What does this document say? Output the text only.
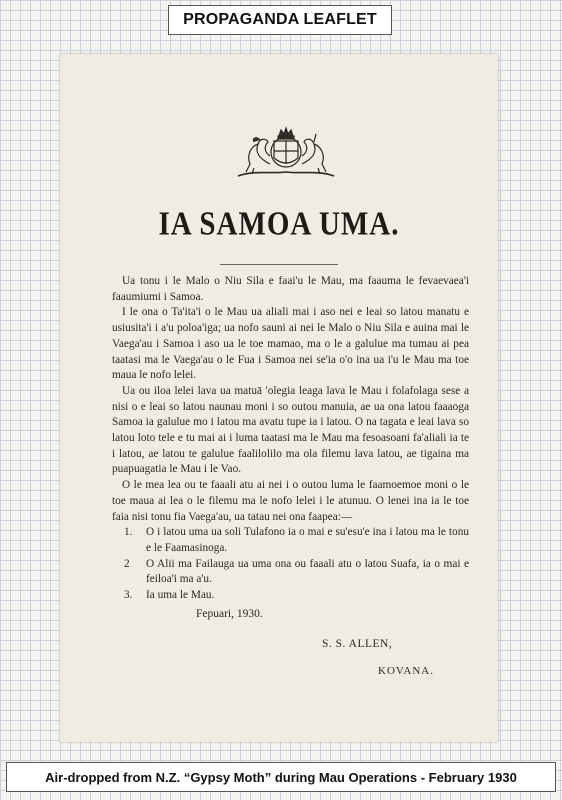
PROPAGANDA LEAFLET
IA SAMOA UMA.

Ua tonu i le Malo o Niu Sila e faai'u le Mau, ma faauma le fevaevaea'i faaumiumi i Samoa.

I le ona o Ta'ita'i o le Mau ua aliali mai i aso nei e leai so latou manatu e usiusita'i i a'u poloa'iga; ua nofo sauni ai nei le Malo o Niu Sila e auina mai le Vaega'au i Samoa i aso ua le toe mamao, ma o le a galulue ma tumau ai pea taatasi ma le Vaega'au o le Fua i Samoa nei se'ia o'o ina ua i'u le Mau ma toe maua le nofo lelei.

Ua ou iloa lelei lava ua matuā 'olegia leaga lava le Mau i folafolaga sese a nisi o e leai so latou naunau moni i so outou manuia, ae ua ona latou faaaoga Samoa ia galulue mo i latou ma avatu tupe ia i latou. O na tagata e leai lava so latou loto tele e tu mai ai i luma taatasi ma le Mau ma fesoasoani fa'aliali ia te i latou, ae latou te galulue faalilolilo ma ola filemu lava latou, ae tigaina ma puapuagatia le Mau i le Vao.

O le mea lea ou te faaali atu ai nei i o outou luma le faamoemoe moni o le toe maua ai lea o le filemu ma le nofo lelei i le atunuu. O lenei ina ia le toe faia nisi tonu fia Vaega'au, ua tatau nei ona faapea:—

1. O i latou uma ua soli Tulafono ia o mai e su'esu'e ina i latou ma le tonu e le Faamasinoga.
2 O Alii ma Failauga ua uma ona ou faaali atu o latou Suafa, ia o mai e feiloa'i ma a'u.
3. Ia uma le Mau.
Fepuari, 1930.
S. S. ALLEN,
KOVANA.
Air-dropped from N.Z. “Gypsy Moth” during Mau Operations - February 1930
